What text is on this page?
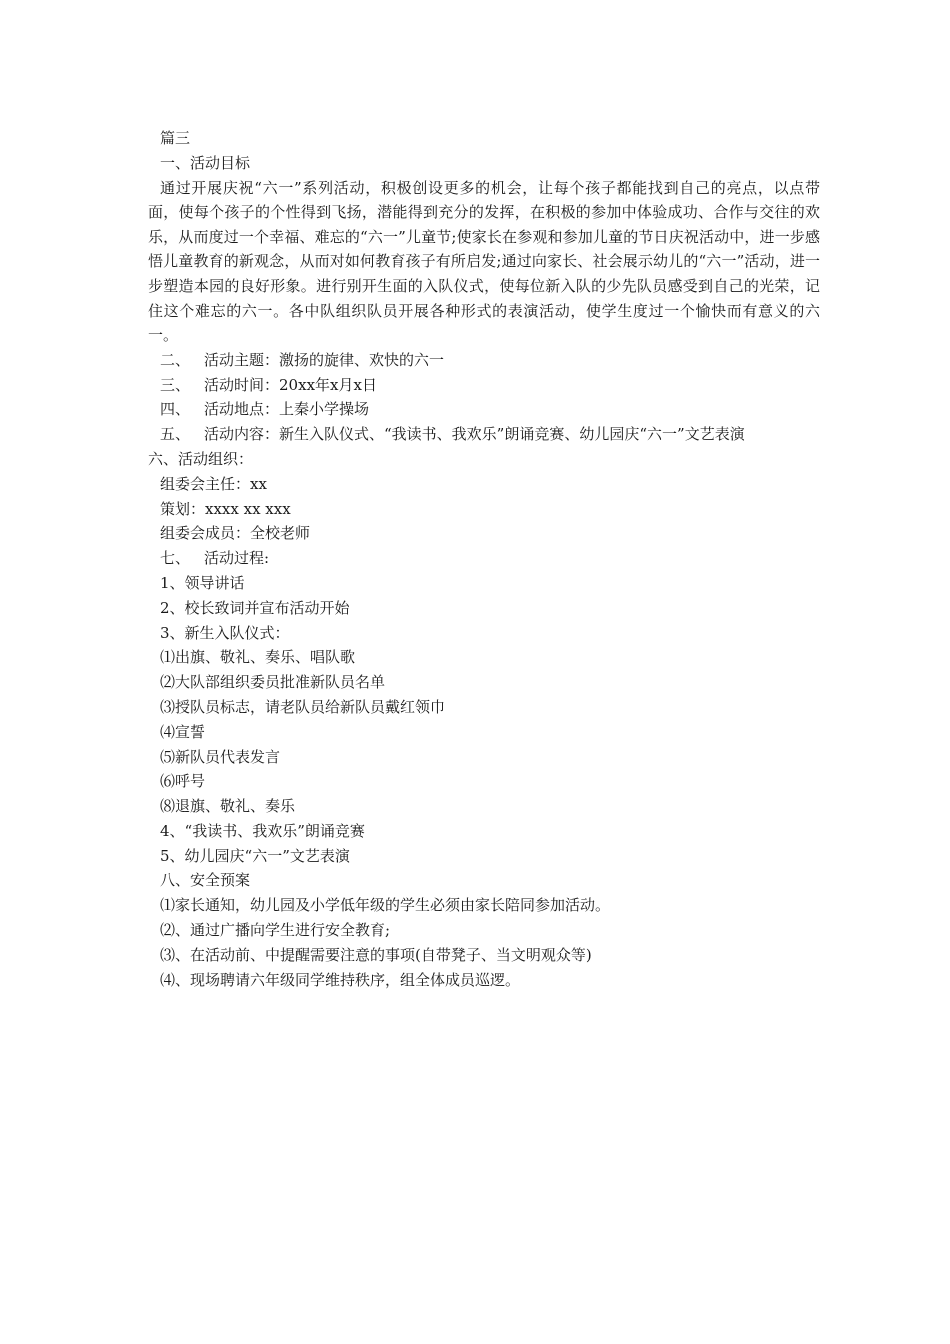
篇三
一、活动目标

通过开展庆祝“六一”系列活动，积极创设更多的机会，让每个孩子都能找到自己的亮点，以点带面，使每个孩子的个性得到飞扬，潜能得到充分的发挥，在积极的参加中体验成功、合作与交往的欢乐，从而度过一个幸福、难忘的“六一”儿童节;使家长在参观和参加儿童的节日庆祝活动中，进一步感悟儿童教育的新观念，从而对如何教育孩子有所启发;通过向家长、社会展示幼儿的“六一”活动，进一步塑造本园的良好形象。进行别开生面的入队仪式，使每位新入队的少先队员感受到自己的光荣，记住这个难忘的六一。各中队组织队员开展各种形式的表演活动，使学生度过一个愉快而有意义的六一。

二、 活动主题：激扬的旋律、欢快的六一
三、 活动时间：20xx年x月x日
四、 活动地点：上秦小学操场
五、 活动内容：新生入队仪式、“我读书、我欢乐”朗诵竞赛、幼儿园庆“六一”文艺表演
六、活动组织：
组委会主任：xx
策划：xxxx xx xxx
组委会成员：全校老师
七、 活动过程:
1、领导讲话
2、校长致词并宣布活动开始
3、新生入队仪式：
⑴出旗、敬礼、奏乐、唱队歌
⑵大队部组织委员批准新队员名单
⑶授队员标志，请老队员给新队员戴红领巾
⑷宣誓
⑸新队员代表发言
⑹呼号
⑻退旗、敬礼、奏乐
4、“我读书、我欢乐”朗诵竞赛
5、幼儿园庆“六一”文艺表演
八、安全预案
⑴家长通知，幼儿园及小学低年级的学生必须由家长陪同参加活动。
⑵、通过广播向学生进行安全教育;
⑶、在活动前、中提醒需要注意的事项(自带凳子、当文明观众等)
⑷、现场聘请六年级同学维持秩序，组全体成员巡逻。
